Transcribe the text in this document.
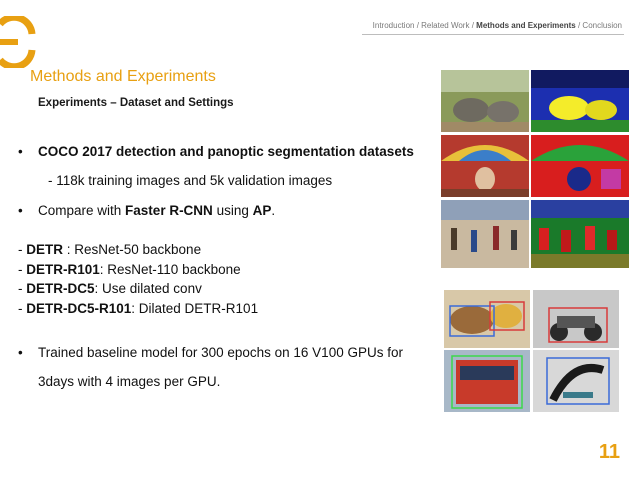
Introduction / Related Work / Methods and Experiments / Conclusion
Methods and Experiments
Experiments – Dataset and Settings
• COCO 2017 detection and panoptic segmentation datasets
- 118k training images and 5k validation images
• Compare with Faster R-CNN using AP.
- DETR : ResNet-50 backbone
- DETR-R101: ResNet-110 backbone
- DETR-DC5: Use dilated conv
- DETR-DC5-R101: Dilated DETR-R101
• Trained baseline model for 300 epochs on 16 V100 GPUs for
3days with 4 images per GPU.
11
